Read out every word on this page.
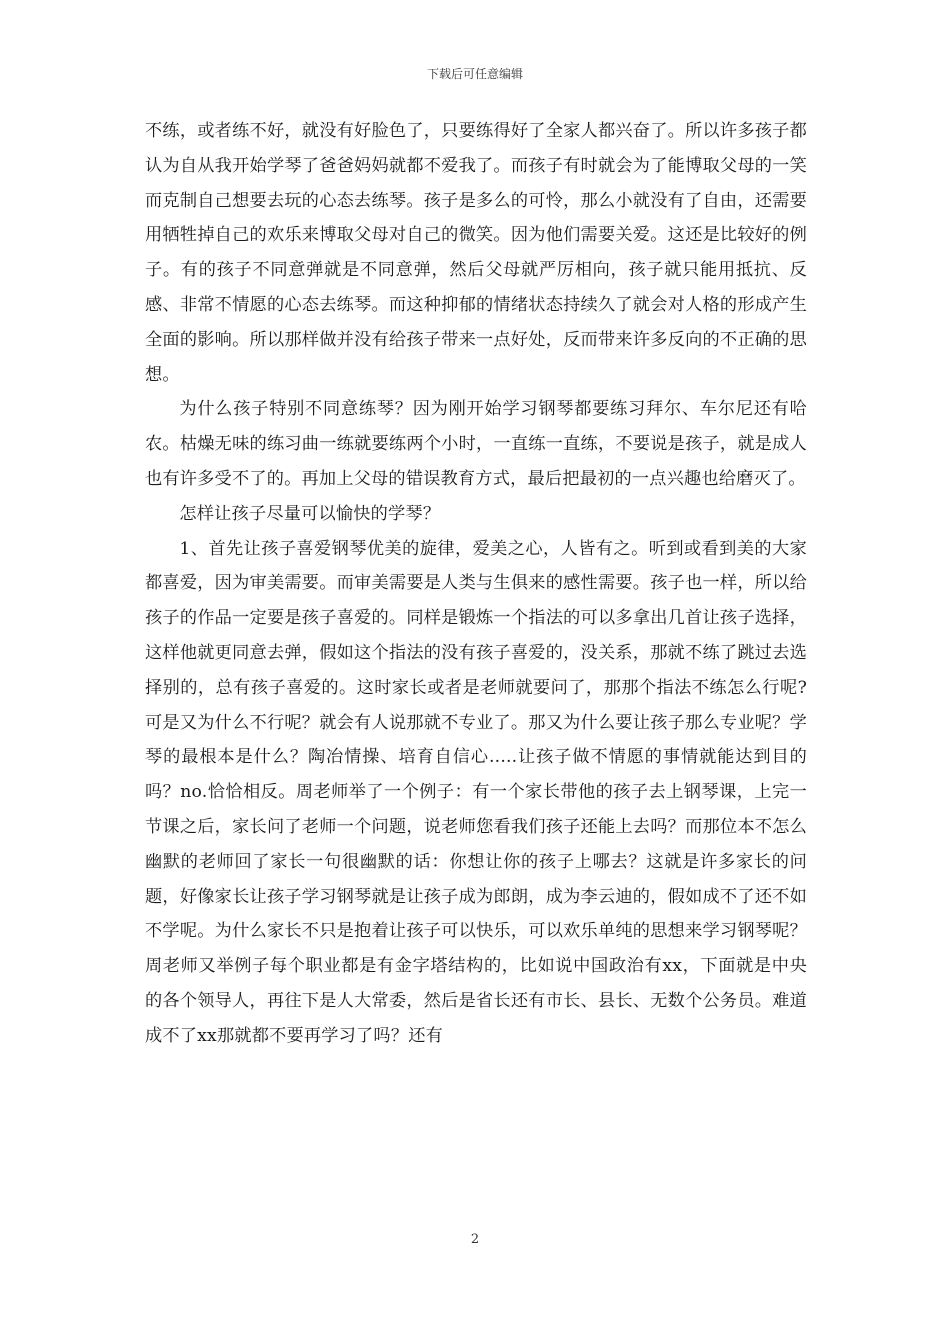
下载后可任意编辑

不练，或者练不好，就没有好脸色了，只要练得好了全家人都兴奋了。所以许多孩子都认为自从我开始学琴了爸爸妈妈就都不爱我了。而孩子有时就会为了能博取父母的一笑而克制自己想要去玩的心态去练琴。孩子是多么的可怜，那么小就没有了自由，还需要用牺牲掉自己的欢乐来博取父母对自己的微笑。因为他们需要关爱。这还是比较好的例子。有的孩子不同意弹就是不同意弹，然后父母就严厉相向，孩子就只能用抵抗、反感、非常不情愿的心态去练琴。而这种抑郁的情绪状态持续久了就会对人格的形成产生全面的影响。所以那样做并没有给孩子带来一点好处，反而带来许多反向的不正确的思想。

为什么孩子特别不同意练琴？因为刚开始学习钢琴都要练习拜尔、车尔尼还有哈农。枯燥无味的练习曲一练就要练两个小时，一直练一直练，不要说是孩子，就是成人也有许多受不了的。再加上父母的错误教育方式，最后把最初的一点兴趣也给磨灭了。

怎样让孩子尽量可以愉快的学琴？

1、首先让孩子喜爱钢琴优美的旋律，爱美之心，人皆有之。听到或看到美的大家都喜爱，因为审美需要。而审美需要是人类与生俱来的感性需要。孩子也一样，所以给孩子的作品一定要是孩子喜爱的。同样是锻炼一个指法的可以多拿出几首让孩子选择，这样他就更同意去弹，假如这个指法的没有孩子喜爱的，没关系，那就不练了跳过去选择别的，总有孩子喜爱的。这时家长或者是老师就要问了，那那个指法不练怎么行呢?可是又为什么不行呢？就会有人说那就不专业了。那又为什么要让孩子那么专业呢？学琴的最根本是什么？陶冶情操、培育自信心.....让孩子做不情愿的事情就能达到目的吗？no.恰恰相反。周老师举了一个例子：有一个家长带他的孩子去上钢琴课，上完一节课之后，家长问了老师一个问题，说老师您看我们孩子还能上去吗？而那位本不怎么幽默的老师回了家长一句很幽默的话：你想让你的孩子上哪去？这就是许多家长的问题，好像家长让孩子学习钢琴就是让孩子成为郎朗，成为李云迪的，假如成不了还不如不学呢。为什么家长不只是抱着让孩子可以快乐，可以欢乐单纯的思想来学习钢琴呢？周老师又举例子每个职业都是有金字塔结构的，比如说中国政治有xx，下面就是中央的各个领导人，再往下是人大常委，然后是省长还有市长、县长、无数个公务员。难道成不了xx那就都不要再学习了吗？还有

2
